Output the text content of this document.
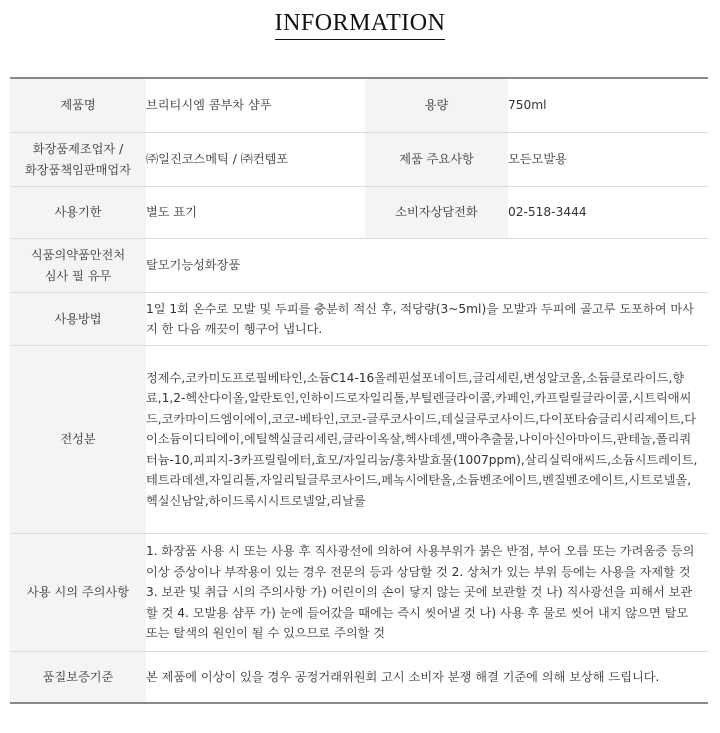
INFORMATION
제품명	브리티시엠 콤부차 샴푸	용량	750ml

화장품제조업자 /
화장품책임판매업자	㈜일진코스메틱 / ㈜컨템포	제품 주요사항	모든모발용
사용기한	별도 표기	소비자상담전화	02-518-3444

식품의약품안전처
심사 필 유무	탈모기능성화장품		
사용방법	1일 1회 온수로 모발 및 두피를 충분히 적신 후, 적당량(3~5ml)을 모발과 두피에 골고루 도포하여 마사지 한 다음 깨끗이 헹구어 냅니다.		
전성분	정제수,코카미도프로필베타인,소듐C14-16올레핀설포네이트,글리세린,변성알코올,소듐클로라이드,향료,1,2-헥산다이올,알란토인,인하이드로자일리톨,부틸렌글라이콜,카페인,카프릴릴글라이콜,시트릭애씨드,코카마이드엠이에이,코코-베타인,코코-글루코사이드,데실글루코사이드,다이포타슘글리시리제이트,다이소듐이디티에이,에틸헥실글리세린,글라이옥살,헥사데센,맥아추출물,나이아신아마이드,판테놀,폴리쿼터늄-10,피피지-3카프릴릴에터,효모/자일리눔/홍차발효물(1007ppm),살리실릭애씨드,소듐시트레이트,테트라데센,자일리톨,자일리틸글루코사이드,페녹시에탄올,소듐벤조에이트,벤질벤조에이트,시트로넬올,헥실신남알,하이드록시시트로넬알,리날룰		
사용 시의 주의사항	1. 화장품 사용 시 또는 사용 후 직사광선에 의하여 사용부위가 붉은 반점, 부어 오름 또는 가려움증 등의 이상 증상이나 부작용이 있는 경우 전문의 등과 상담할 것 2. 상처가 있는 부위 등에는 사용을 자제할 것 3. 보관 및 취급 시의 주의사항 가) 어린이의 손이 닿지 않는 곳에 보관할 것 나) 직사광선을 피해서 보관할 것 4. 모발용 샴푸 가) 눈에 들어갔을 때에는 즉시 씻어낼 것 나) 사용 후 물로 씻어 내지 않으면 탈모 또는 탈색의 원인이 될 수 있으므로 주의할 것		
품질보증기준	본 제품에 이상이 있을 경우 공정거래위원회 고시 소비자 분쟁 해결 기준에 의해 보상해 드립니다.		
